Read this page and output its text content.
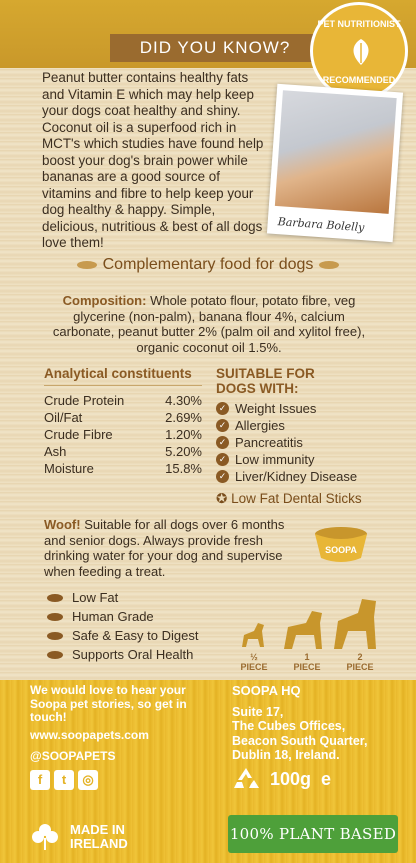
DID YOU KNOW?
PET NUTRITIONIST
RECOMMENDED

Peanut butter contains healthy fats and Vitamin E which may help keep your dogs coat healthy and shiny. Coconut oil is a superfood rich in MCT's which studies have found help boost your dog's brain power while bananas are a good source of vitamins and fibre to help keep your dog healthy & happy. Simple, delicious, nutritious & best of all dogs love them!

Barbara Bolelly
Complementary food for dogs

Composition: Whole potato flour, potato fibre, veg glycerine (non-palm), banana flour 4%, calcium carbonate, peanut butter 2% (palm oil and xylitol free), organic coconut oil 1.5%.

Analytical constituents
Crude Protein	4.30%
Oil/Fat	2.69%
Crude Fibre	1.20%
Ash	5.20%
Moisture	15.8%
SUITABLE FOR
DOGS WITH:
✓ Weight Issues
✓ Allergies
✓ Pancreatitis
✓ Low immunity
✓ Liver/Kidney Disease
✪ Low Fat Dental Sticks

Woof! Suitable for all dogs over 6 months and senior dogs. Always provide fresh drinking water for your dog and supervise when feeding a treat.

SOOPA
Low Fat
Human Grade
Safe & Easy to Digest
Supports Oral Health	½
PIECE
1
PIECE
2
PIECE
We would love to hear your Soopa pet stories, so get in touch!
www.soopapets.com
@SOOPAPETS
f	t	◎
SOOPA HQ
Suite 17,
The Cubes Offices,
Beacon South Quarter,
Dublin 18, Ireland.
100g e
MADE IN
IRELAND
100% PLANT BASED
